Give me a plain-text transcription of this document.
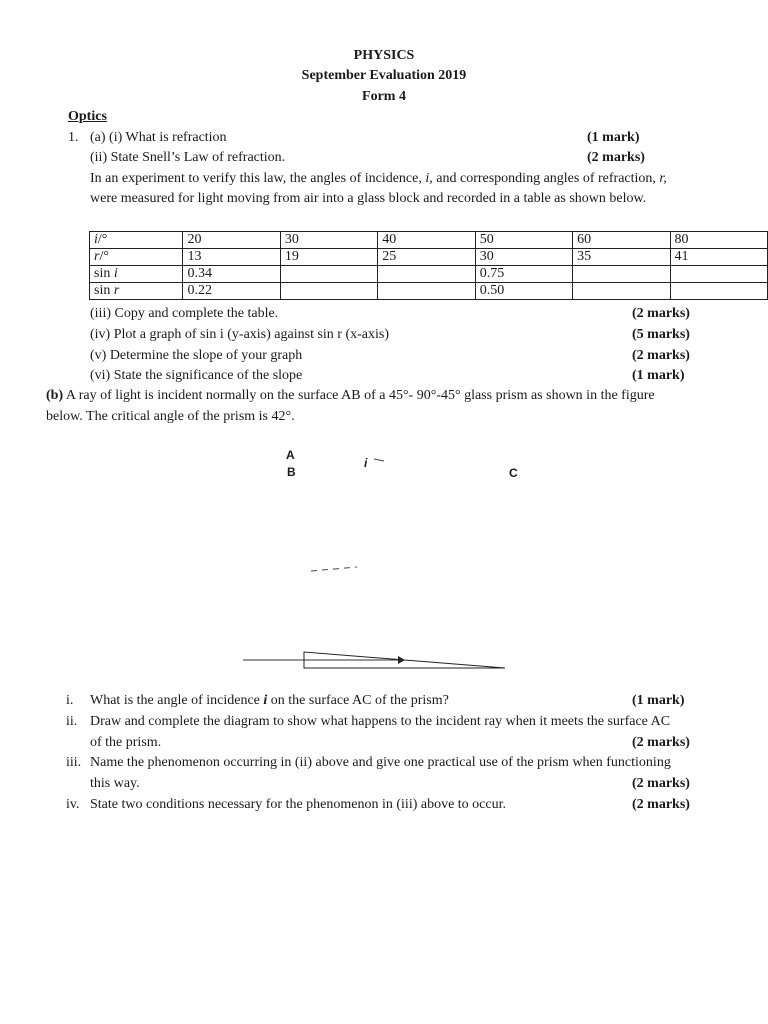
PHYSICS
September Evaluation 2019
Form 4
Optics
1. (a) (i) What is refraction	(1 mark)
(ii) State Snell’s Law of refraction.	(2 marks)
In an experiment to verify this law, the angles of incidence, i, and corresponding angles of refraction, r,
were measured for light moving from air into a glass block and recorded in a table as shown below.
i/°	20	30	40	50	60	80
r/°	13	19	25	30	35	41
sin i	0.34			0.75		
sin r	0.22			0.50		
(iii) Copy and complete the table.	(2 marks)
(iv) Plot a graph of sin i (y-axis) against sin r (x-axis)	(5 marks)
(v) Determine the slope of your graph	(2 marks)
(vi) State the significance of the slope	(1 mark)
(b) A ray of light is incident normally on the surface AB of a 45°- 90°-45° glass prism as shown in the figure
below. The critical angle of the prism is 42°.
A
B	C
i
i. What is the angle of incidence i on the surface AC of the prism?	(1 mark)
ii. Draw and complete the diagram to show what happens to the incident ray when it meets the surface AC
of the prism.	(2 marks)
iii. Name the phenomenon occurring in (ii) above and give one practical use of the prism when functioning
this way.	(2 marks)
iv. State two conditions necessary for the phenomenon in (iii) above to occur.	(2 marks)
